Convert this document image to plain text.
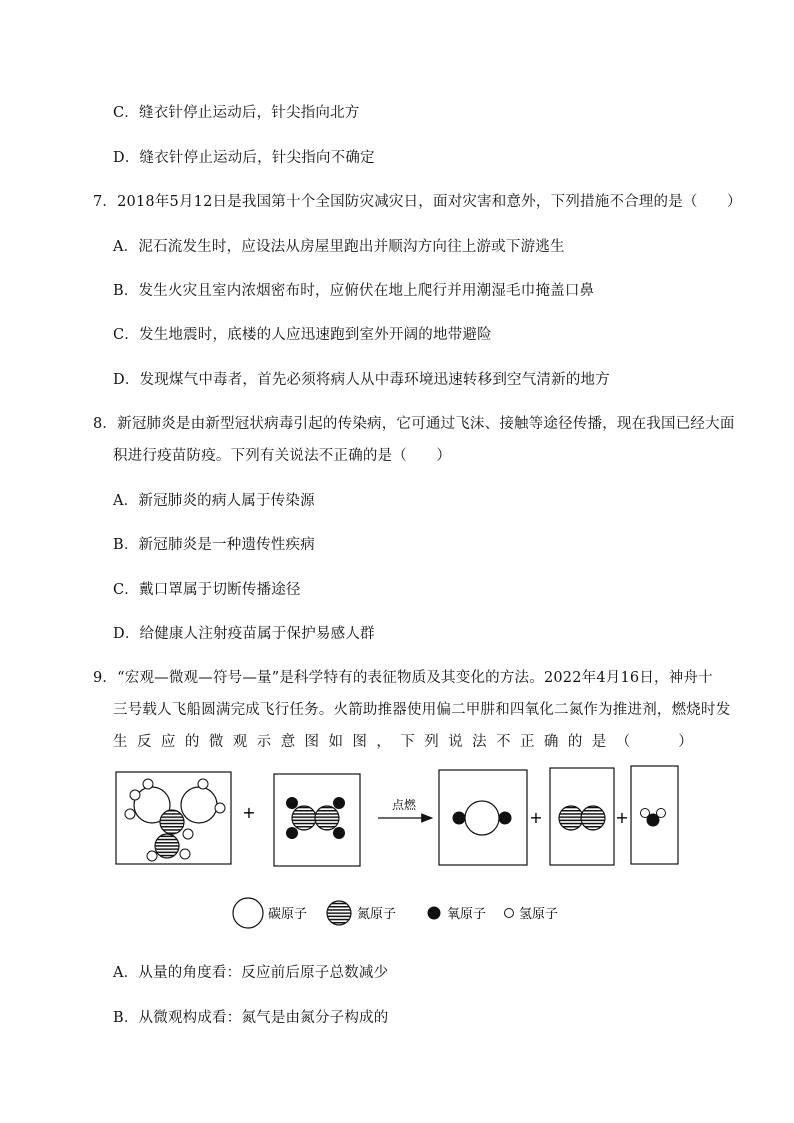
C．缝衣针停止运动后，针尖指向北方
D．缝衣针停止运动后，针尖指向不确定
7．2018年5月12日是我国第十个全国防灾减灾日，面对灾害和意外，下列措施不合理的是（　　）
A．泥石流发生时，应设法从房屋里跑出并顺沟方向往上游或下游逃生
B．发生火灾且室内浓烟密布时，应俯伏在地上爬行并用潮湿毛巾掩盖口鼻
C．发生地震时，底楼的人应迅速跑到室外开阔的地带避险
D．发现煤气中毒者，首先必须将病人从中毒环境迅速转移到空气清新的地方
8．新冠肺炎是由新型冠状病毒引起的传染病，它可通过飞沫、接触等途径传播，现在我国已经大面
积进行疫苗防疫。下列有关说法不正确的是（　　）
A．新冠肺炎的病人属于传染源
B．新冠肺炎是一种遗传性疾病
C．戴口罩属于切断传播途径
D．给健康人注射疫苗属于保护易感人群
9．“宏观—微观—符号—量”是科学特有的表征物质及其变化的方法。2022年4月16日，神舟十
三号载人飞船圆满完成飞行任务。火箭助推器使用偏二甲肼和四氧化二氮作为推进剂，燃烧时发
生 反 应 的 微 观 示 意 图 如 图 ， 下 列 说 法 不 正 确 的 是 （
　　	）
+	点燃
+	+
碳原子	氮原子	氧原子	氢原子
A．从量的角度看：反应前后原子总数减少
B．从微观构成看：氮气是由氮分子构成的
